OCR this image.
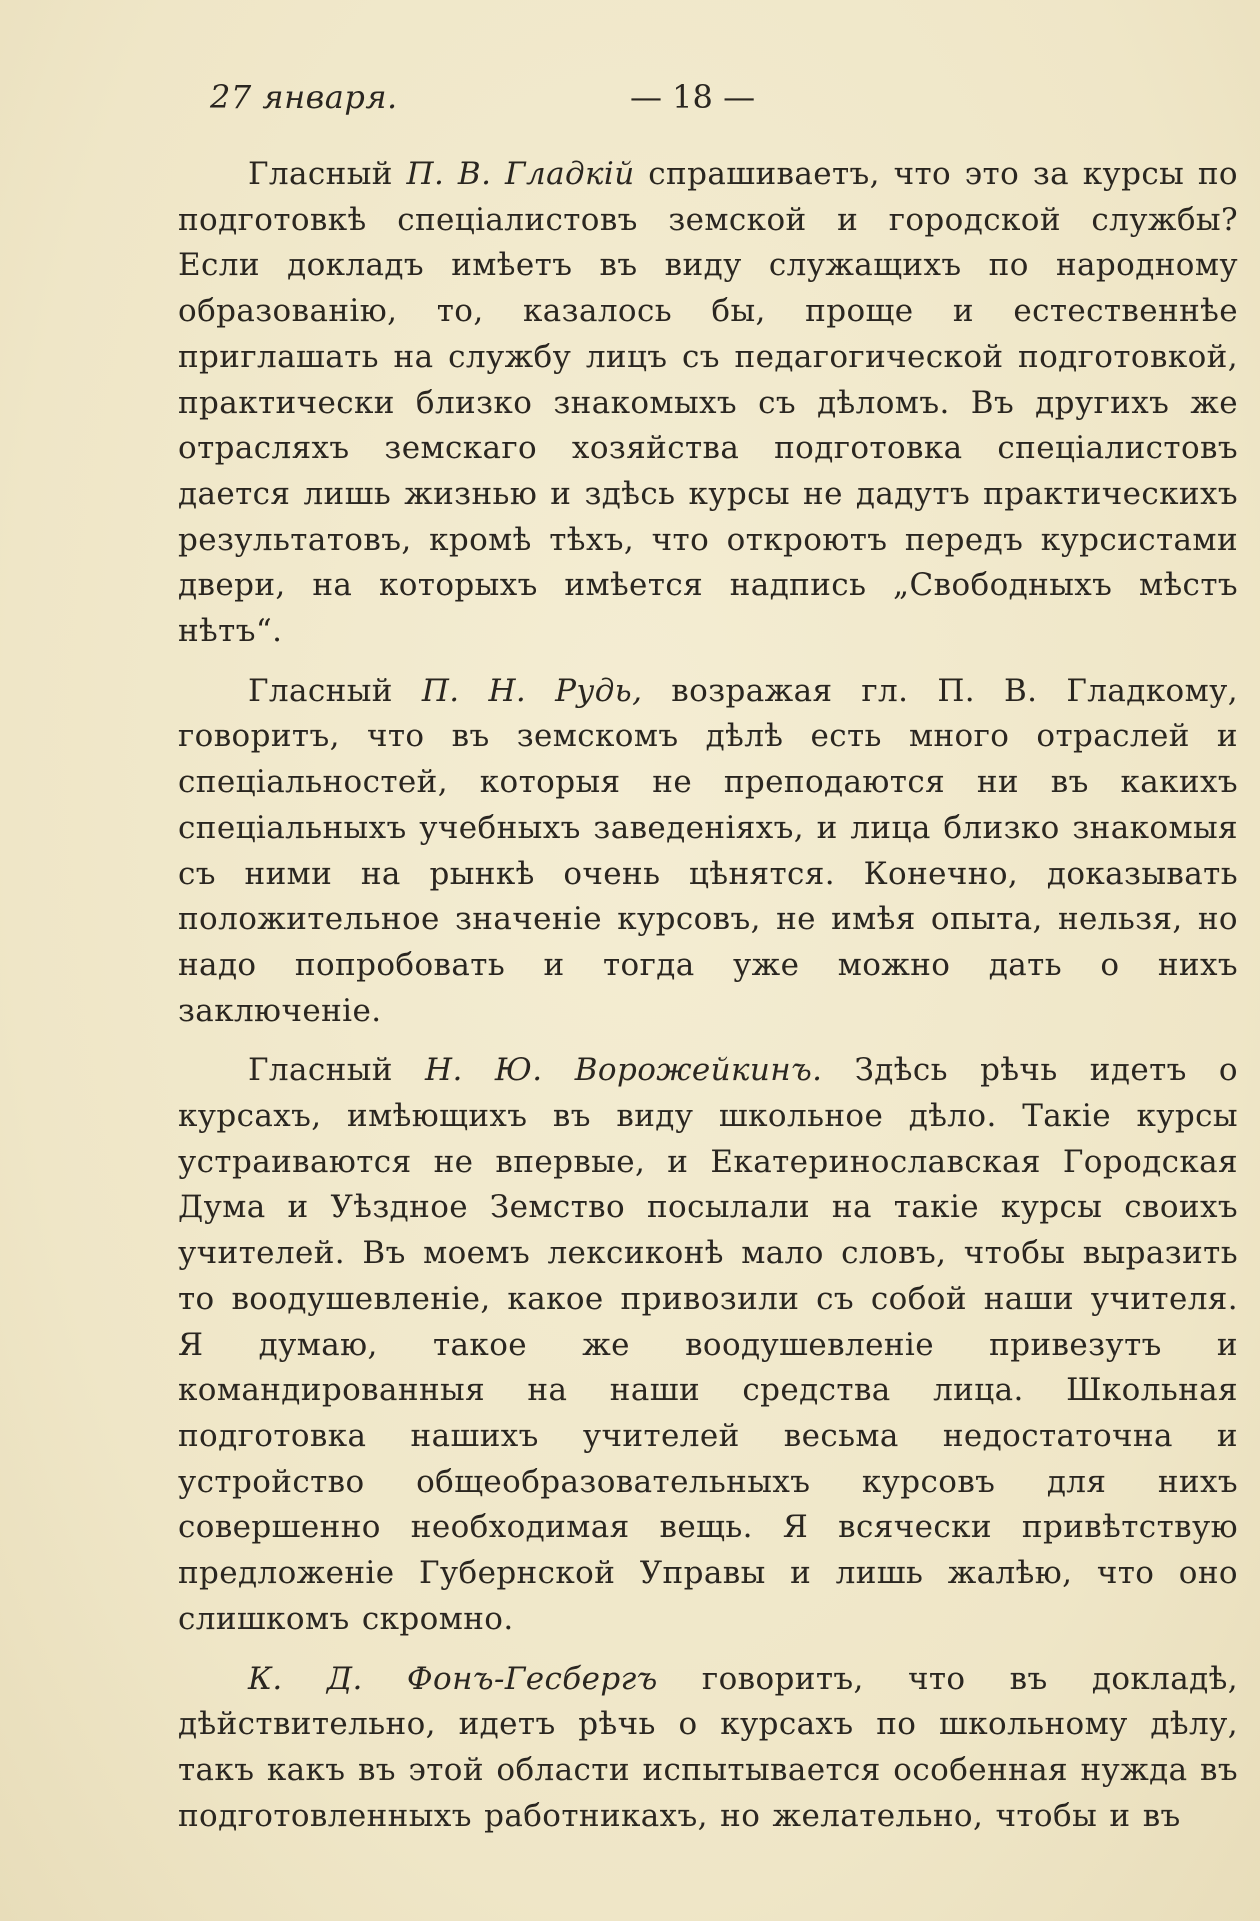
27 января.	— 18 —

Гласный П. В. Гладкій спрашиваетъ, что это за курсы по подготовкѣ спеціалистовъ земской и городской службы? Если докладъ имѣетъ въ виду служащихъ по народному образованію, то, казалось бы, проще и естественнѣе приглашать на службу лицъ съ педагогической подготовкой, практически близко знакомыхъ съ дѣломъ. Въ другихъ же отрасляхъ земскаго хозяйства подготовка спеціалистовъ дается лишь жизнью и здѣсь курсы не дадутъ практическихъ результатовъ, кромѣ тѣхъ, что откроютъ передъ курсистами двери, на которыхъ имѣется надпись „Свободныхъ мѣстъ нѣтъ“.

Гласный П. Н. Рудь, возражая гл. П. В. Гладкому, говоритъ, что въ земскомъ дѣлѣ есть много отраслей и спеціальностей, которыя не преподаются ни въ какихъ спеціальныхъ учебныхъ заведеніяхъ, и лица близко знакомыя съ ними на рынкѣ очень цѣнятся. Конечно, доказывать положительное значеніе курсовъ, не имѣя опыта, нельзя, но надо попробовать и тогда уже можно дать о нихъ заключеніе.

Гласный Н. Ю. Ворожейкинъ. Здѣсь рѣчь идетъ о курсахъ, имѣющихъ въ виду школьное дѣло. Такіе курсы устраиваются не впервые, и Екатеринославская Городская Дума и Уѣздное Земство посылали на такіе курсы своихъ учителей. Въ моемъ лексиконѣ мало словъ, чтобы выразить то воодушевленіе, какое привозили съ собой наши учителя. Я думаю, такое же воодушевленіе привезутъ и командированныя на наши средства лица. Школьная подготовка нашихъ учителей весьма недостаточна и устройство общеобразовательныхъ курсовъ для нихъ совершенно необходимая вещь. Я всячески привѣтствую предложеніе Губернской Управы и лишь жалѣю, что оно слишкомъ скромно.

К. Д. Фонъ-Гесбергъ говоритъ, что въ докладѣ, дѣйствительно, идетъ рѣчь о курсахъ по школьному дѣлу, такъ какъ въ этой области испытывается особенная нужда въ подготовленныхъ работникахъ, но желательно, чтобы и въ
